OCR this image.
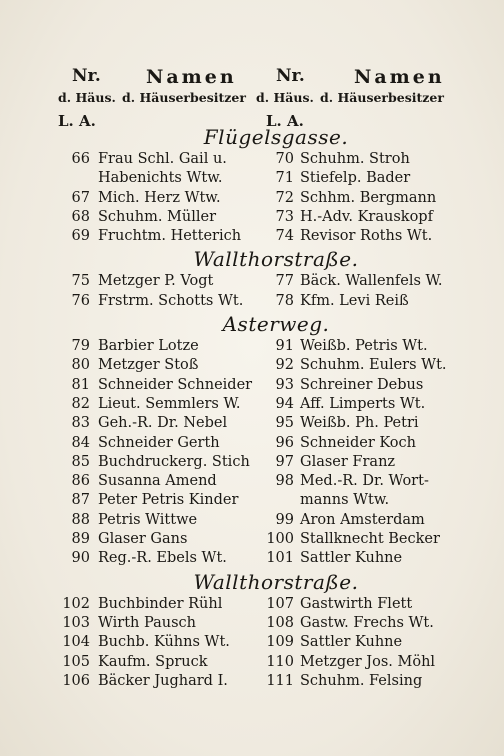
Nr. Namen Nr.	Namen
d. Häus. d. Häuserbesitzer d. Häus. d. Häuserbesitzer
L. A.	L. A.
Flügelsgasse.
66 Frau Schl. Gail u.	70 Schuhm. Stroh
Habenichts Wtw.	71 Stiefelp. Bader
67 Mich. Herz Wtw.	72 Schhm. Bergmann
68 Schuhm. Müller	73 H.-Adv. Krauskopf
69 Fruchtm. Hetterich	74 Revisor Roths Wt.
Wallthorstraße.
75 Metzger P. Vogt	77 Bäck. Wallenfels W.
76 Frstrm. Schotts Wt.	78 Kfm. Levi Reiß
Asterweg.
79 Barbier Lotze	91 Weißb. Petris Wt.
80 Metzger Stoß	92 Schuhm. Eulers Wt.
81 Schneider Schneider	93 Schreiner Debus
82 Lieut. Semmlers W.	94 Aff. Limperts Wt.
83 Geh.-R. Dr. Nebel	95 Weißb. Ph. Petri
84 Schneider Gerth	96 Schneider Koch
85 Buchdruckerg. Stich	97 Glaser Franz
86 Susanna Amend	98 Med.-R. Dr. Wort-
87 Peter Petris Kinder	manns Wtw.
88 Petris Wittwe	99 Aron Amsterdam
89 Glaser Gans	100 Stallknecht Becker
90 Reg.-R. Ebels Wt.	101 Sattler Kuhne
Wallthorstraße.
102 Buchbinder Rühl	107 Gastwirth Flett
103 Wirth Pausch	108 Gastw. Frechs Wt.
104 Buchb. Kühns Wt.	109 Sattler Kuhne
105 Kaufm. Spruck	110 Metzger Jos. Möhl
106 Bäcker Jughard I.	111 Schuhm. Felsing
